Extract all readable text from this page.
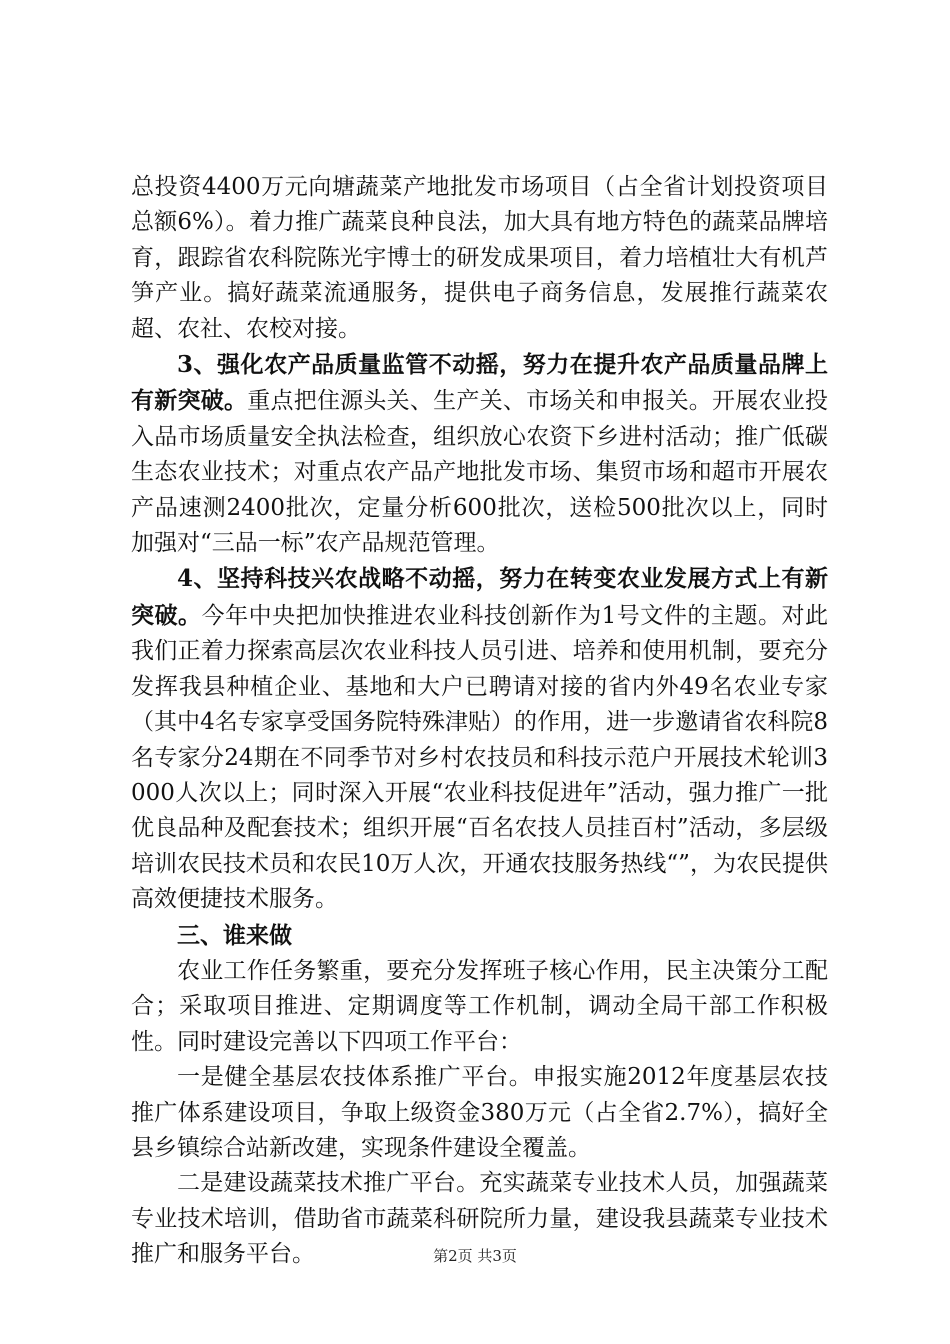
总投资4400万元向塘蔬菜产地批发市场项目（占全省计划投资项目总额6%）。着力推广蔬菜良种良法，加大具有地方特色的蔬菜品牌培育，跟踪省农科院陈光宇博士的研发成果项目，着力培植壮大有机芦笋产业。搞好蔬菜流通服务，提供电子商务信息，发展推行蔬菜农超、农社、农校对接。

3、强化农产品质量监管不动摇，努力在提升农产品质量品牌上有新突破。重点把住源头关、生产关、市场关和申报关。开展农业投入品市场质量安全执法检查，组织放心农资下乡进村活动；推广低碳生态农业技术；对重点农产品产地批发市场、集贸市场和超市开展农产品速测2400批次，定量分析600批次，送检500批次以上，同时加强对“三品一标”农产品规范管理。

4、坚持科技兴农战略不动摇，努力在转变农业发展方式上有新突破。今年中央把加快推进农业科技创新作为1号文件的主题。对此我们正着力探索高层次农业科技人员引进、培养和使用机制，要充分发挥我县种植企业、基地和大户已聘请对接的省内外49名农业专家（其中4名专家享受国务院特殊津贴）的作用，进一步邀请省农科院8名专家分24期在不同季节对乡村农技员和科技示范户开展技术轮训3000人次以上；同时深入开展“农业科技促进年”活动，强力推广一批优良品种及配套技术；组织开展“百名农技人员挂百村”活动，多层级培训农民技术员和农民10万人次，开通农技服务热线“”，为农民提供高效便捷技术服务。

三、谁来做

农业工作任务繁重，要充分发挥班子核心作用，民主决策分工配合；采取项目推进、定期调度等工作机制，调动全局干部工作积极性。同时建设完善以下四项工作平台：

一是健全基层农技体系推广平台。申报实施2012年度基层农技推广体系建设项目，争取上级资金380万元（占全省2.7%），搞好全县乡镇综合站新改建，实现条件建设全覆盖。

二是建设蔬菜技术推广平台。充实蔬菜专业技术人员，加强蔬菜专业技术培训，借助省市蔬菜科研院所力量，建设我县蔬菜专业技术推广和服务平台。	第2页 共3页
